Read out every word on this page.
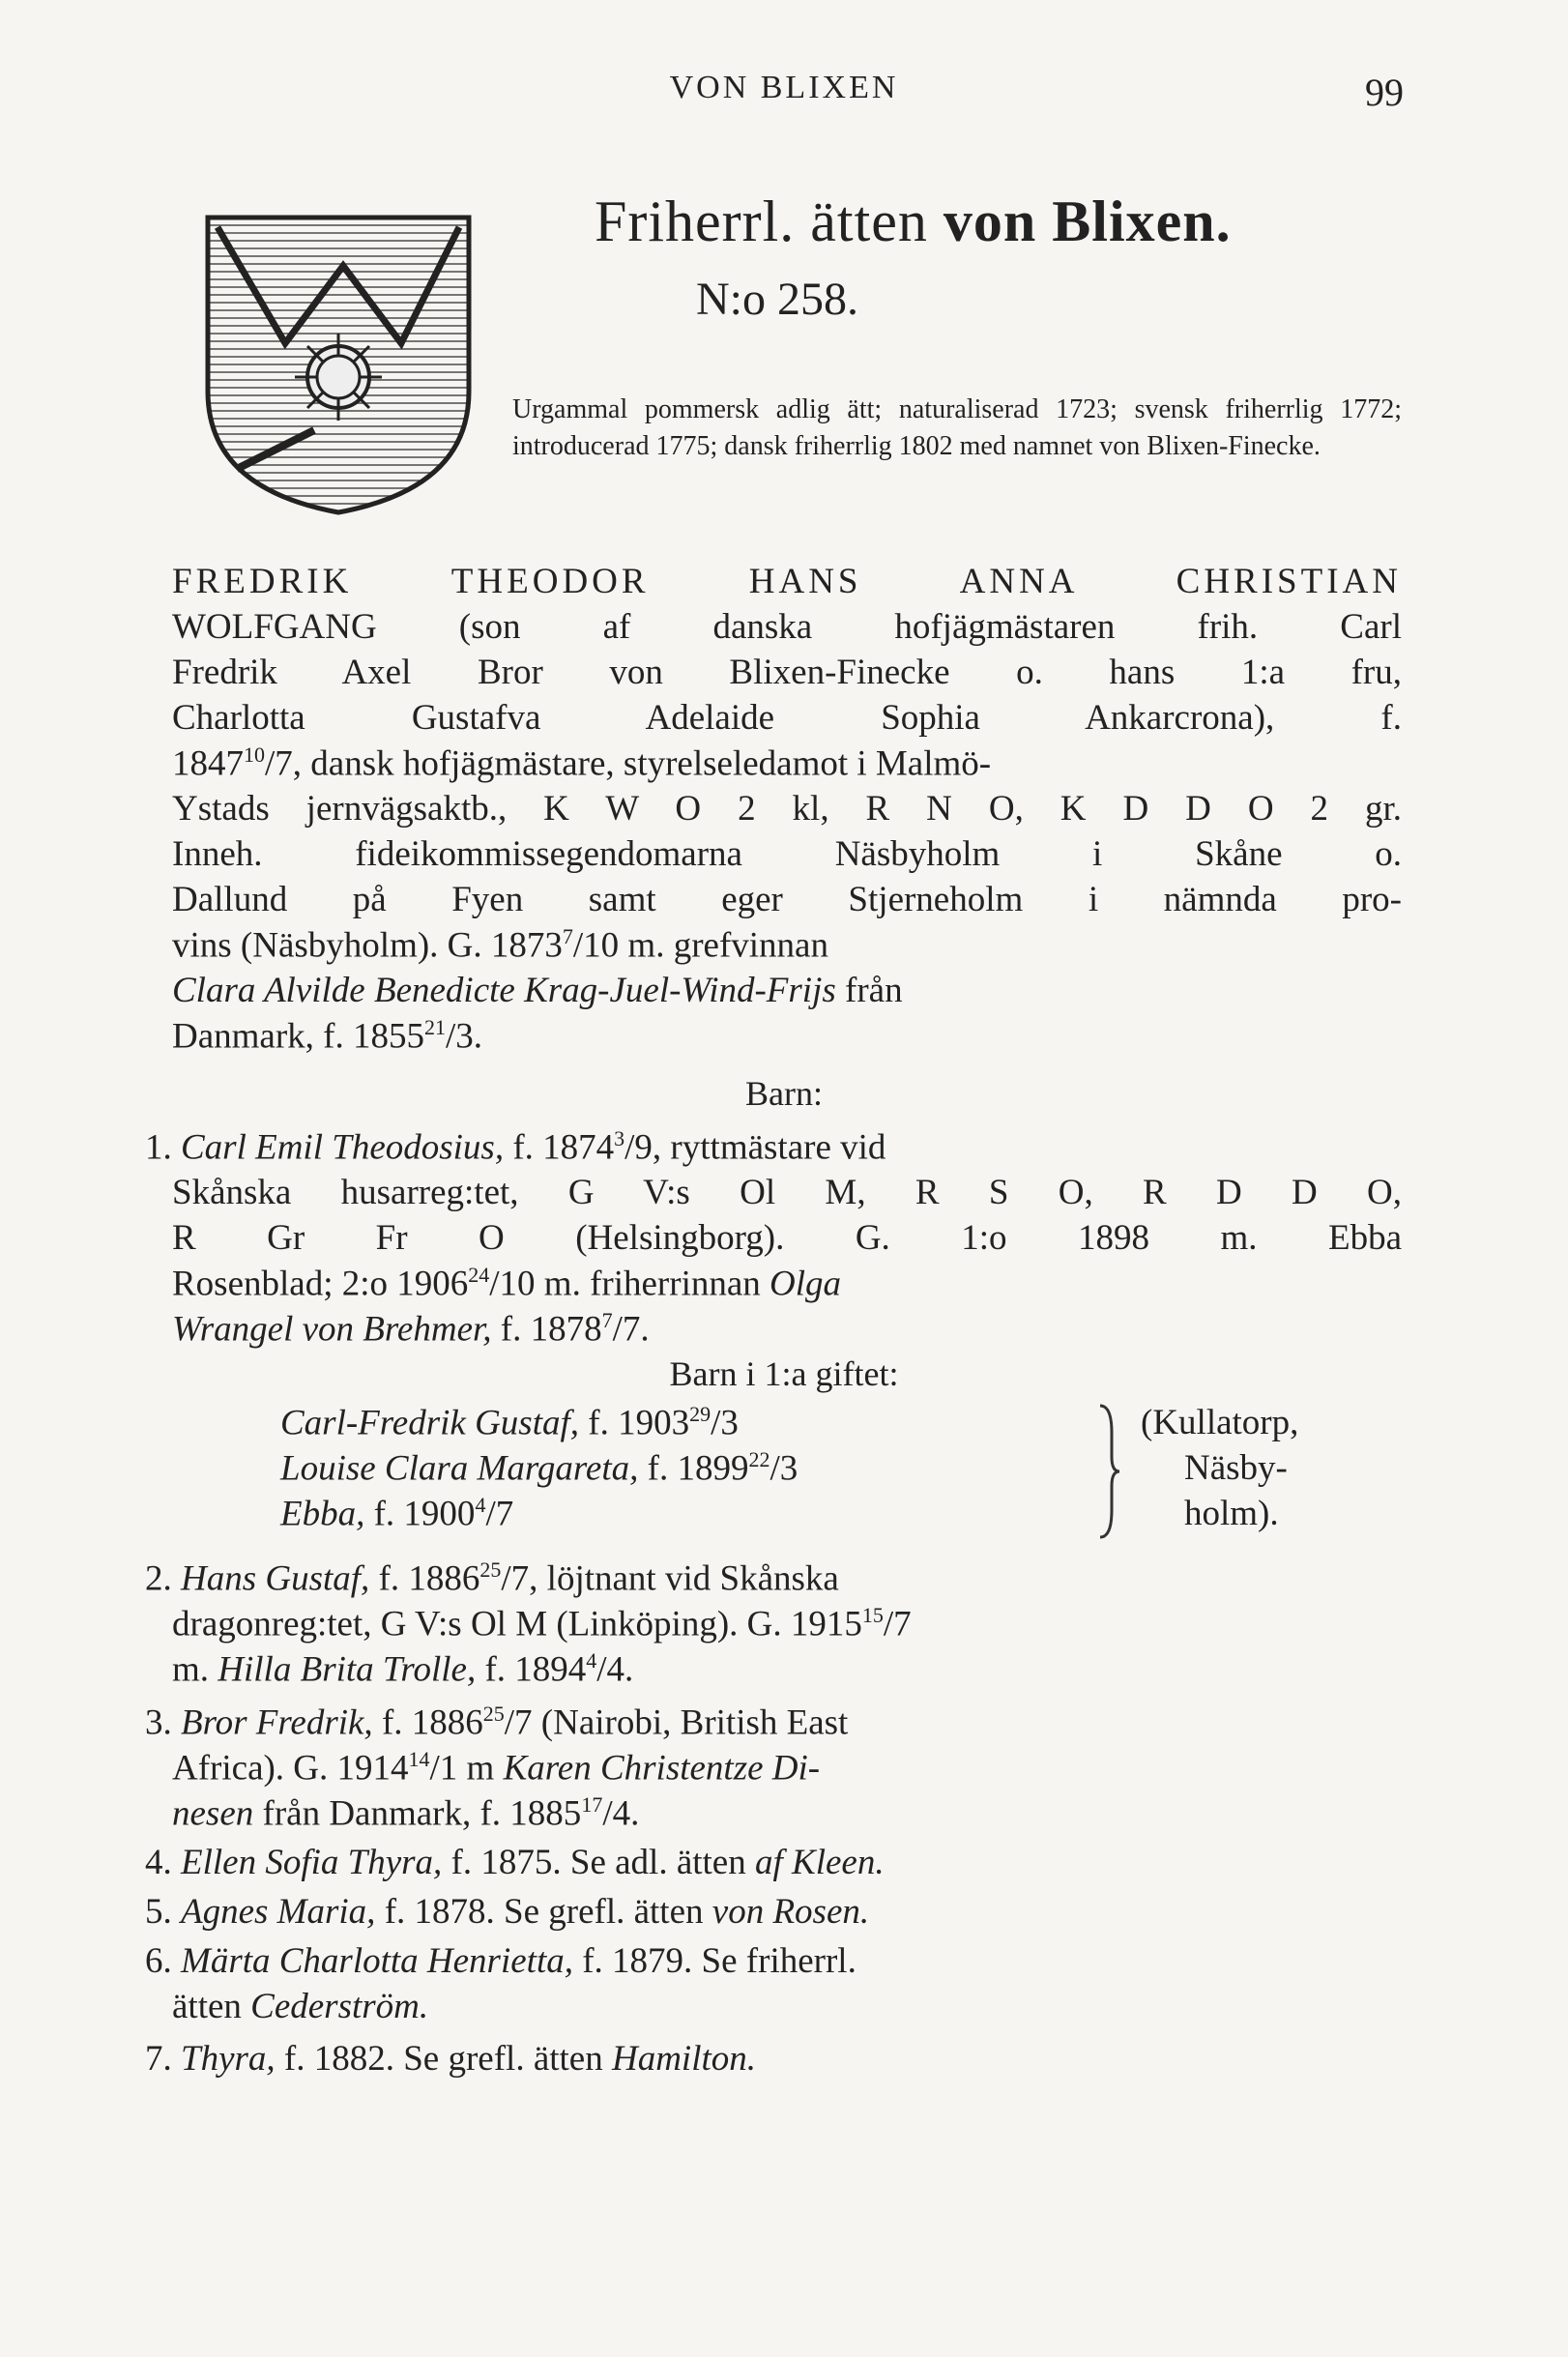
VON BLIXEN	99
Friherrl. ätten von Blixen.
N:o 258.
Urgammal pommersk adlig ätt; naturaliserad 1723; svensk friherrlig 1772; introducerad 1775; dansk friherrlig 1802 med namnet von Blixen-Finecke.
FREDRIK THEODOR HANS ANNA CHRISTIAN
WOLFGANG (son af danska hofjägmästaren frih. Carl
Fredrik Axel Bror von Blixen-Finecke o. hans 1:a fru,
Charlotta Gustafva Adelaide Sophia Ankarcrona), f.
1847$^{10}$/7, dansk hofjägmästare, styrelseledamot i Malmö-
Ystads jernvägsaktb., K W O 2 kl, R N O, K D D O 2 gr.
Inneh. fideikommissegendomarna Näsbyholm i Skåne o.
Dallund på Fyen samt eger Stjerneholm i nämnda pro-
vins (Näsbyholm). G. 1873$^7$/10 m. grefvinnan
Clara Alvilde Benedicte Krag-Juel-Wind-Frijs från
Danmark, f. 1855$^{21}$/3.
Barn:
1. Carl Emil Theodosius, f. 1874$^3$/9, ryttmästare vid
Skånska husarreg:tet, G V:s Ol M, R S O, R D D O,
R Gr Fr O (Helsingborg). G. 1:o 1898 m. Ebba
Rosenblad; 2:o 1906$^{24}$/10 m. friherrinnan Olga
Wrangel von Brehmer, f. 1878$^7$/7.
Barn i 1:a giftet:
Carl-Fredrik Gustaf, f. 1903$^{29}$/3
Louise Clara Margareta, f. 1899$^{22}$/3
Ebba, f. 1900$^4$/7
(Kullatorp,
Näsby-
holm).
2. Hans Gustaf, f. 1886$^{25}$/7, löjtnant vid Skånska
dragonreg:tet, G V:s Ol M (Linköping). G. 1915$^{15}$/7
m. Hilla Brita Trolle, f. 1894$^4$/4.
3. Bror Fredrik, f. 1886$^{25}$/7 (Nairobi, British East
Africa). G. 1914$^{14}$/1 m Karen Christentze Di-
nesen från Danmark, f. 1885$^{17}$/4.
4. Ellen Sofia Thyra, f. 1875. Se adl. ätten af Kleen.
5. Agnes Maria, f. 1878. Se grefl. ätten von Rosen.
6. Märta Charlotta Henrietta, f. 1879. Se friherrl.
ätten Cederström.
7. Thyra, f. 1882. Se grefl. ätten Hamilton.
